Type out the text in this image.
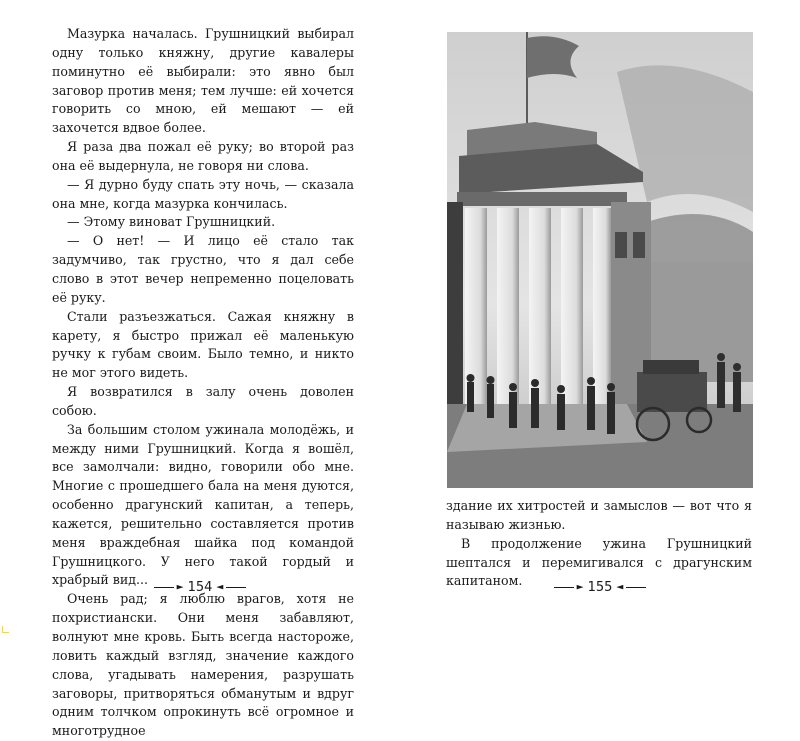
Мазурка началась. Грушницкий выбирал одну только княжну, другие кавалеры поминутно её выбирали: это явно был заговор против меня; тем лучше: ей хочется говорить со мною, ей мешают — ей захочется вдвое более.

Я раза два пожал её руку; во второй раз она её выдернула, не говоря ни слова.

— Я дурно буду спать эту ночь, — сказала она мне, когда мазурка кончилась.

— Этому виноват Грушницкий.

— О нет! — И лицо её стало так задумчиво, так грустно, что я дал себе слово в этот вечер непременно поцеловать её руку.

Стали разъезжаться. Сажая княжну в карету, я быстро прижал её маленькую ручку к губам своим. Было темно, и никто не мог этого видеть.

Я возвратился в залу очень доволен собою.

За большим столом ужинала молодёжь, и между ними Грушницкий. Когда я вошёл, все замолчали: видно, говорили обо мне. Многие с прошедшего бала на меня дуются, особенно драгунский капитан, а теперь, кажется, решительно составляется против меня враждебная шайка под командой Грушницкого. У него такой гордый и храбрый вид...

Очень рад; я люблю врагов, хотя не похристиански. Они меня забавляют, волнуют мне кровь. Быть всегда настороже, ловить каждый взгляд, значение каждого слова, угадывать намерения, разрушать заговоры, притворяться обманутым и вдруг одним толчком опрокинуть всё огромное и многотрудное

► 154 ◄

здание их хитростей и замыслов — вот что я называю жизнью.

В продолжение ужина Грушницкий шептался и перемигивался с драгунским капитаном.	► 155 ◄
